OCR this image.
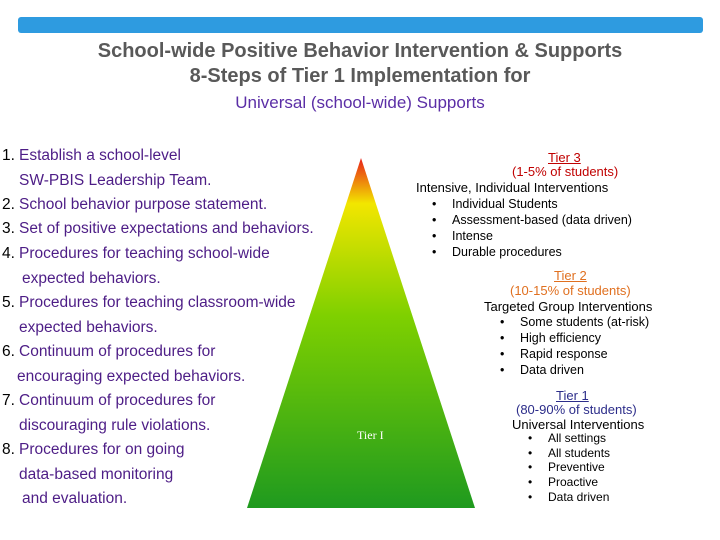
School-wide Positive Behavior Intervention & Supports
8-Steps of Tier 1 Implementation for
Universal (school-wide) Supports
1. Establish a school-level
SW-PBIS Leadership Team.
2. School behavior purpose statement.
3. Set of positive expectations and behaviors.
4. Procedures for teaching school-wide
expected behaviors.
5. Procedures for teaching classroom-wide
expected behaviors.
6. Continuum of procedures for
encouraging expected behaviors.
7. Continuum of procedures for
discouraging rule violations.
8. Procedures for on going
data-based monitoring
and evaluation.
Tier I
Tier 3
(1-5% of students)
Intensive, Individual Interventions
• Individual Students
• Assessment-based (data driven)
• Intense
• Durable procedures
Tier 2
(10-15% of students)
Targeted Group Interventions
• Some students (at-risk)
• High efficiency
• Rapid response
• Data driven
Tier 1
(80-90% of students)
Universal Interventions
• All settings
• All students
• Preventive
• Proactive
• Data driven
